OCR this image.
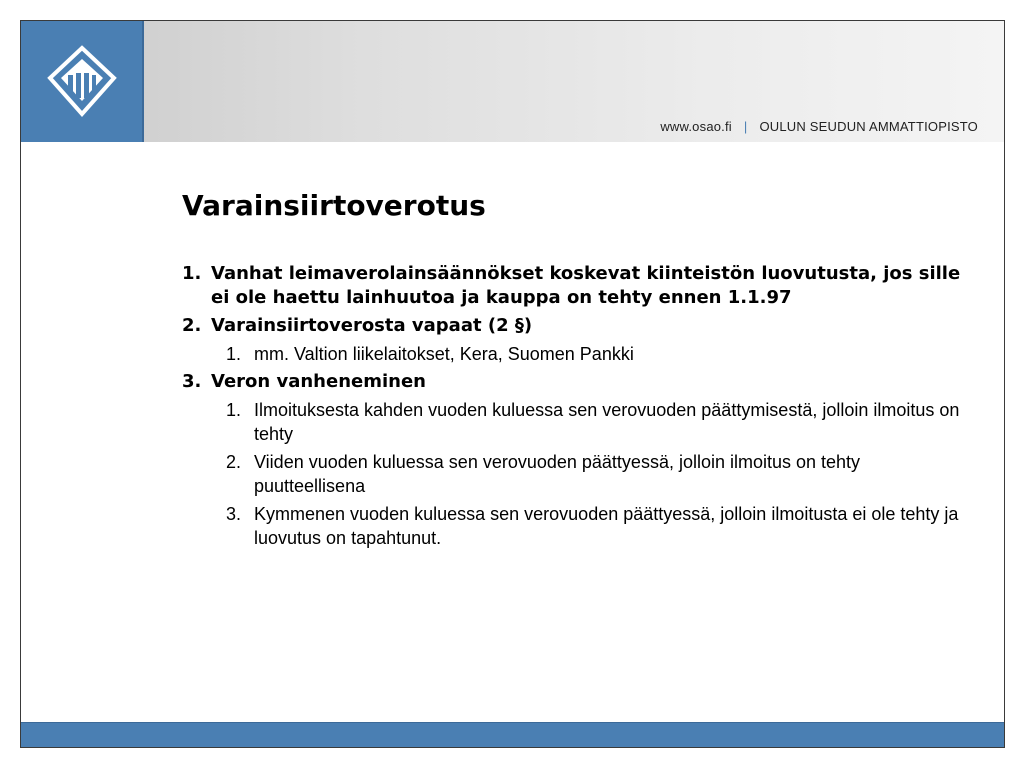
www.osao.fi | OULUN SEUDUN AMMATTIOPISTO
Varainsiirtoverotus
1. Vanhat leimaverolainsäännökset koskevat kiinteistön luovutusta, jos sille ei ole haettu lainhuutoa ja kauppa on tehty ennen 1.1.97
2. Varainsiirtoverosta vapaat (2 §)
1. mm. Valtion liikelaitokset, Kera, Suomen Pankki
3. Veron vanheneminen
1. Ilmoituksesta kahden vuoden kuluessa sen verovuoden päättymisestä, jolloin ilmoitus on tehty
2. Viiden vuoden kuluessa sen verovuoden päättyessä, jolloin ilmoitus on tehty puutteellisena
3. Kymmenen vuoden kuluessa sen verovuoden päättyessä, jolloin ilmoitusta ei ole tehty ja luovutus on tapahtunut.
